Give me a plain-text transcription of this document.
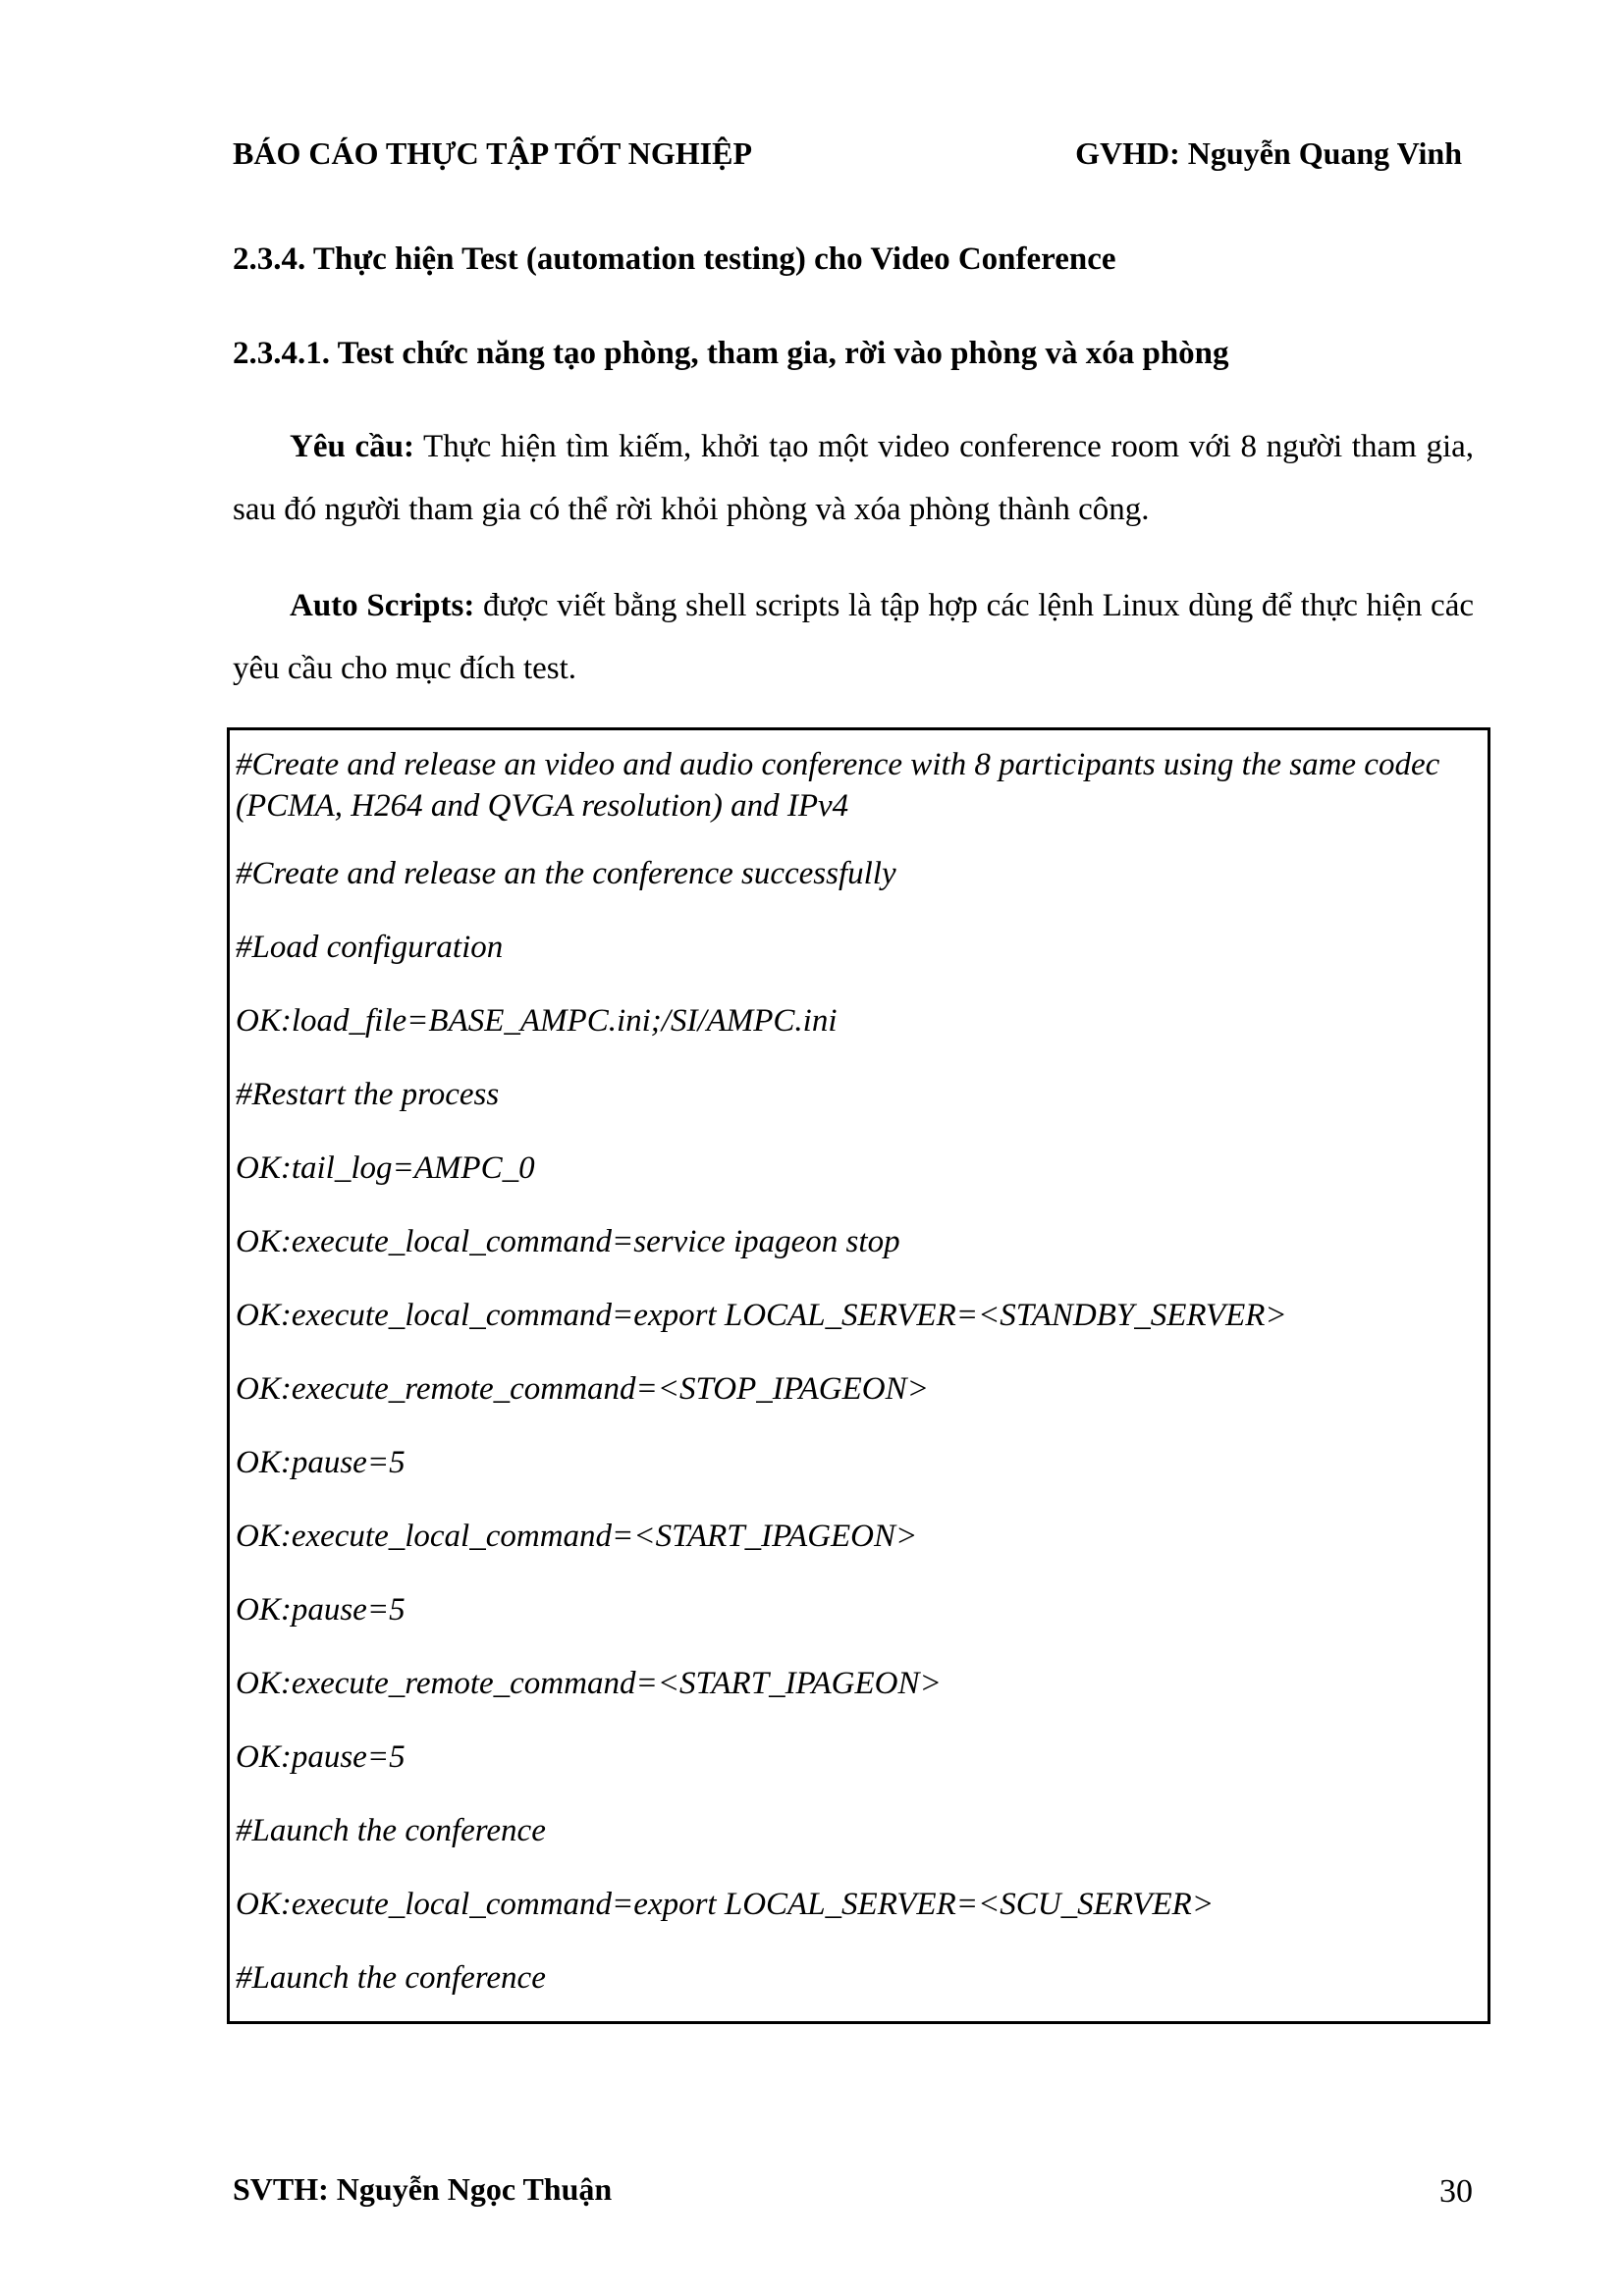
BÁO CÁO THỰC TẬP TỐT NGHIỆP	GVHD: Nguyễn Quang Vinh
2.3.4. Thực hiện Test (automation testing) cho Video Conference
2.3.4.1. Test chức năng tạo phòng, tham gia, rời vào phòng và xóa phòng
Yêu cầu: Thực hiện tìm kiếm, khởi tạo một video conference room với 8 người tham gia, sau đó người tham gia có thể rời khỏi phòng và xóa phòng thành công.
Auto Scripts: được viết bằng shell scripts là tập hợp các lệnh Linux dùng để thực hiện các yêu cầu cho mục đích test.
#Create and release an video and audio conference with 8 participants using the same codec (PCMA, H264 and QVGA resolution) and IPv4
#Create and release an the conference successfully
#Load configuration
OK:load_file=BASE_AMPC.ini;/SI/AMPC.ini
#Restart the process
OK:tail_log=AMPC_0
OK:execute_local_command=service ipageon stop
OK:execute_local_command=export LOCAL_SERVER=<STANDBY_SERVER>
OK:execute_remote_command=<STOP_IPAGEON>
OK:pause=5
OK:execute_local_command=<START_IPAGEON>
OK:pause=5
OK:execute_remote_command=<START_IPAGEON>
OK:pause=5
#Launch the conference
OK:execute_local_command=export LOCAL_SERVER=<SCU_SERVER>
#Launch the conference
SVTH: Nguyễn Ngọc Thuận	30
